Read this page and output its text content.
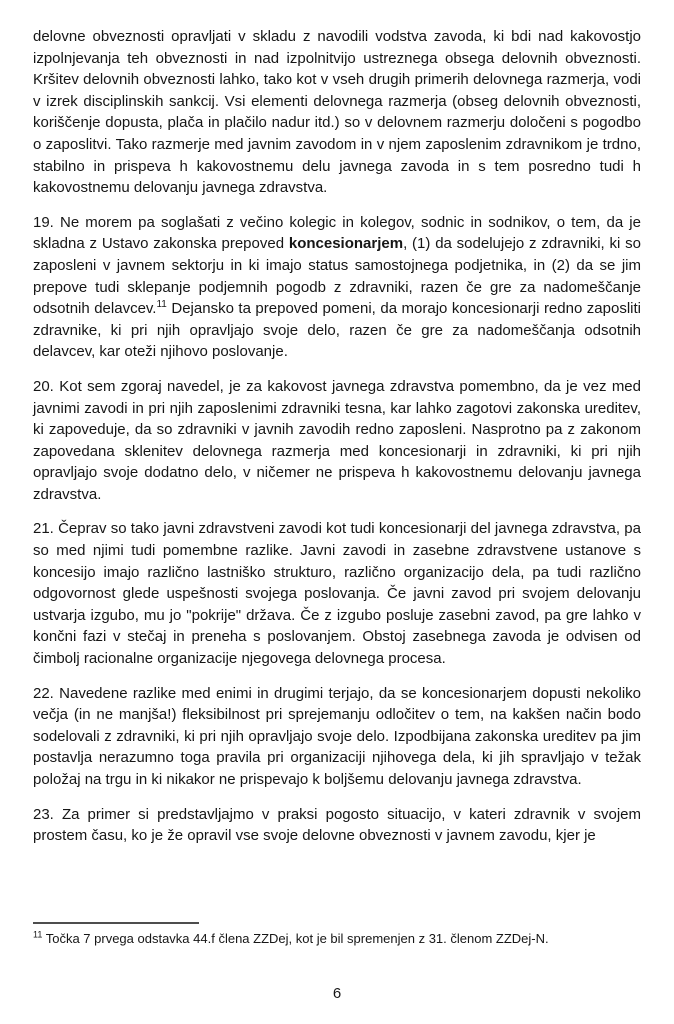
delovne obveznosti opravljati v skladu z navodili vodstva zavoda, ki bdi nad kakovostjo izpolnjevanja teh obveznosti in nad izpolnitvijo ustreznega obsega delovnih obveznosti. Kršitev delovnih obveznosti lahko, tako kot v vseh drugih primerih delovnega razmerja, vodi v izrek disciplinskih sankcij. Vsi elementi delovnega razmerja (obseg delovnih obveznosti, koriščenje dopusta, plača in plačilo nadur itd.) so v delovnem razmerju določeni s pogodbo o zaposlitvi. Tako razmerje med javnim zavodom in v njem zaposlenim zdravnikom je trdno, stabilno in prispeva h kakovostnemu delu javnega zavoda in s tem posredno tudi h kakovostnemu delovanju javnega zdravstva.

19. Ne morem pa soglašati z večino kolegic in kolegov, sodnic in sodnikov, o tem, da je skladna z Ustavo zakonska prepoved koncesionarjem, (1) da sodelujejo z zdravniki, ki so zaposleni v javnem sektorju in ki imajo status samostojnega podjetnika, in (2) da se jim prepove tudi sklepanje podjemnih pogodb z zdravniki, razen če gre za nadomeščanje odsotnih delavcev.$^{11}$ Dejansko ta prepoved pomeni, da morajo koncesionarji redno zaposliti zdravnike, ki pri njih opravljajo svoje delo, razen če gre za nadomeščanja odsotnih delavcev, kar oteži njihovo poslovanje.

20. Kot sem zgoraj navedel, je za kakovost javnega zdravstva pomembno, da je vez med javnimi zavodi in pri njih zaposlenimi zdravniki tesna, kar lahko zagotovi zakonska ureditev, ki zapoveduje, da so zdravniki v javnih zavodih redno zaposleni. Nasprotno pa z zakonom zapovedana sklenitev delovnega razmerja med koncesionarji in zdravniki, ki pri njih opravljajo svoje dodatno delo, v ničemer ne prispeva h kakovostnemu delovanju javnega zdravstva.

21. Čeprav so tako javni zdravstveni zavodi kot tudi koncesionarji del javnega zdravstva, pa so med njimi tudi pomembne razlike. Javni zavodi in zasebne zdravstvene ustanove s koncesijo imajo različno lastniško strukturo, različno organizacijo dela, pa tudi različno odgovornost glede uspešnosti svojega poslovanja. Če javni zavod pri svojem delovanju ustvarja izgubo, mu jo "pokrije" država. Če z izgubo posluje zasebni zavod, pa gre lahko v končni fazi v stečaj in preneha s poslovanjem. Obstoj zasebnega zavoda je odvisen od čimbolj racionalne organizacije njegovega delovnega procesa.

22. Navedene razlike med enimi in drugimi terjajo, da se koncesionarjem dopusti nekoliko večja (in ne manjša!) fleksibilnost pri sprejemanju odločitev o tem, na kakšen način bodo sodelovali z zdravniki, ki pri njih opravljajo svoje delo. Izpodbijana zakonska ureditev pa jim postavlja nerazumno toga pravila pri organizaciji njihovega dela, ki jih spravljajo v težak položaj na trgu in ki nikakor ne prispevajo k boljšemu delovanju javnega zdravstva.

23. Za primer si predstavljajmo v praksi pogosto situacijo, v kateri zdravnik v svojem prostem času, ko je že opravil vse svoje delovne obveznosti v javnem zavodu, kjer je

$^{11}$ Točka 7 prvega odstavka 44.f člena ZZDej, kot je bil spremenjen z 31. členom ZZDej-N.

6
